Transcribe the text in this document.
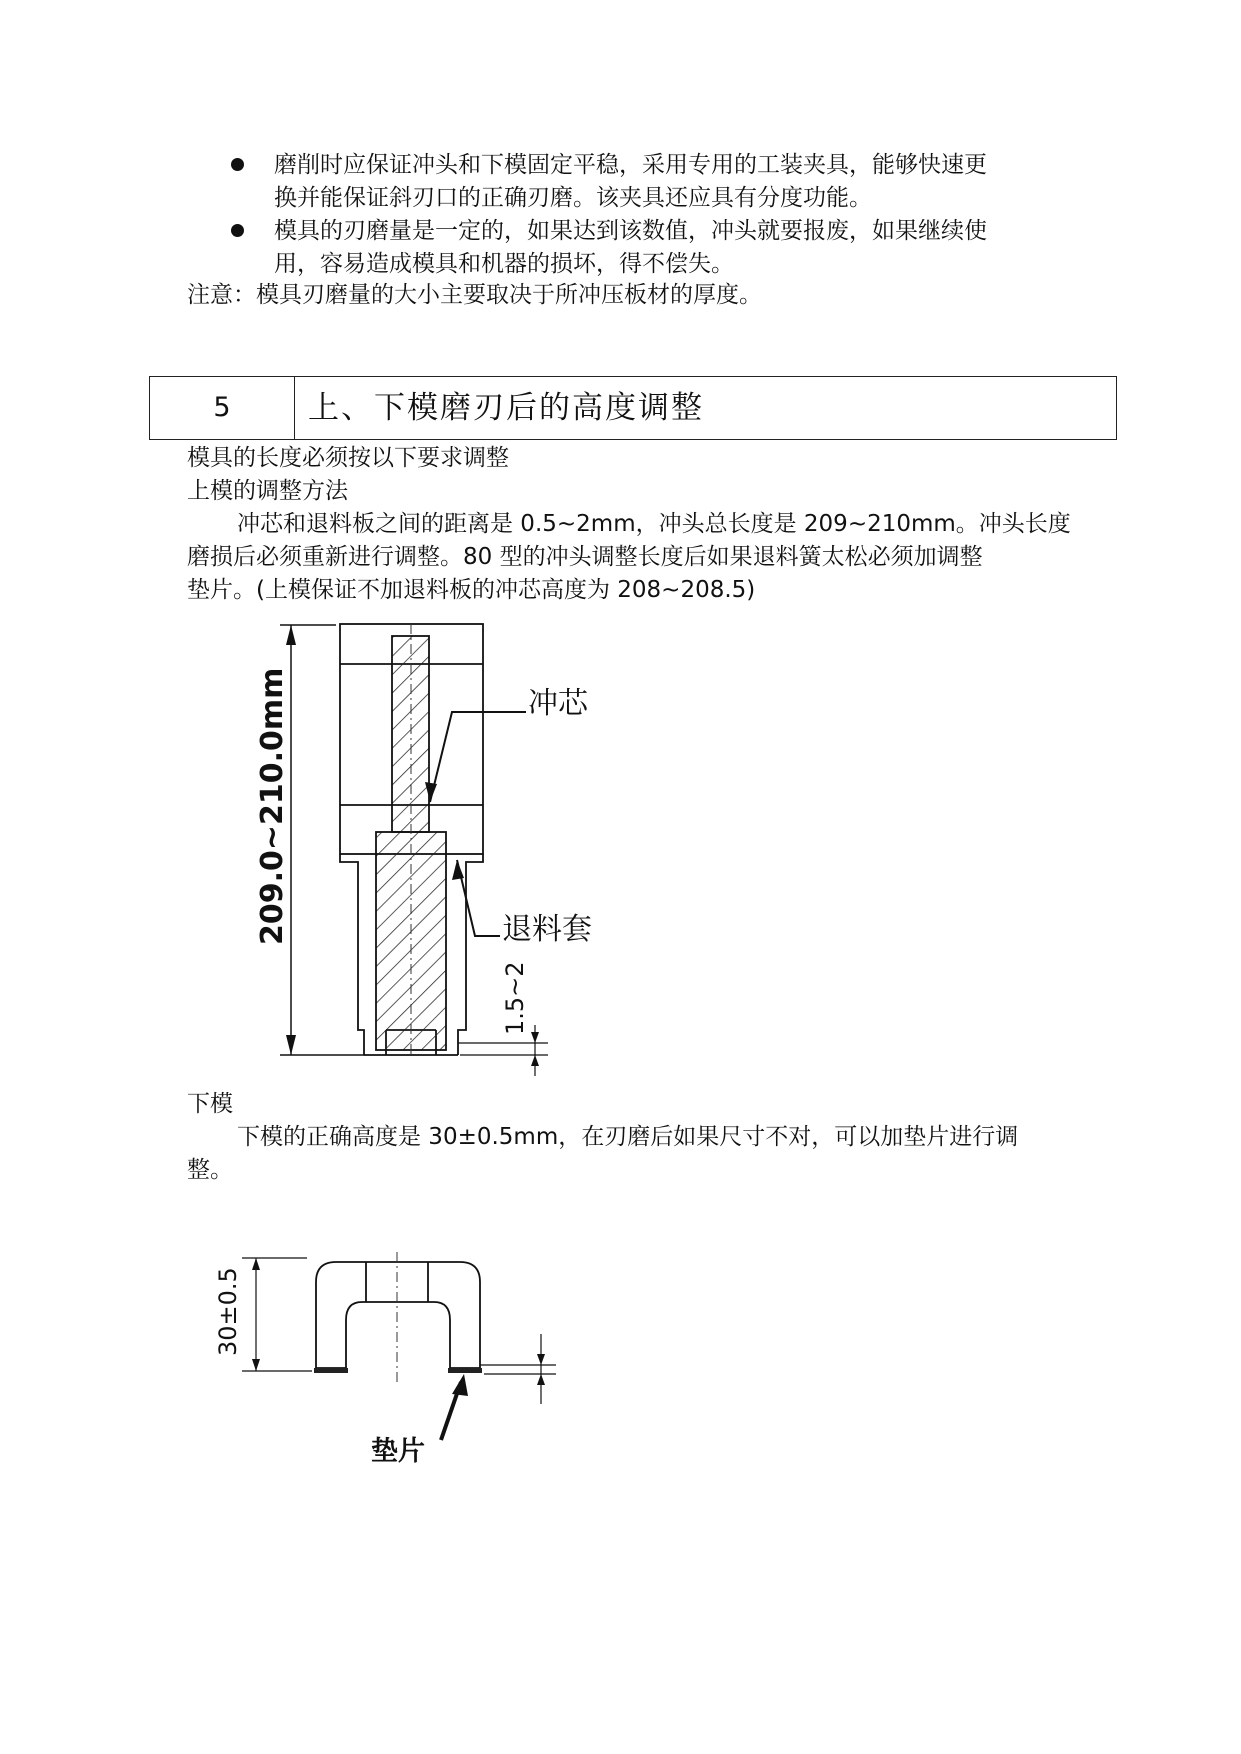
磨削时应保证冲头和下模固定平稳，采用专用的工装夹具，能够快速更
换并能保证斜刃口的正确刃磨。该夹具还应具有分度功能。
模具的刃磨量是一定的，如果达到该数值，冲头就要报废，如果继续使
用，容易造成模具和机器的损坏，得不偿失。
注意：模具刃磨量的大小主要取决于所冲压板材的厚度。
5	上、下模磨刃后的高度调整
模具的长度必须按以下要求调整
上模的调整方法
冲芯和退料板之间的距离是 0.5~2mm，冲头总长度是 209~210mm。冲头长度
磨损后必须重新进行调整。80 型的冲头调整长度后如果退料簧太松必须加调整
垫片。(上模保证不加退料板的冲芯高度为 208~208.5)
冲芯
退料套
209.0~210.0mm
1.5~2
下模
下模的正确高度是 30±0.5mm，在刃磨后如果尺寸不对，可以加垫片进行调
整。
30±0.5
垫片
